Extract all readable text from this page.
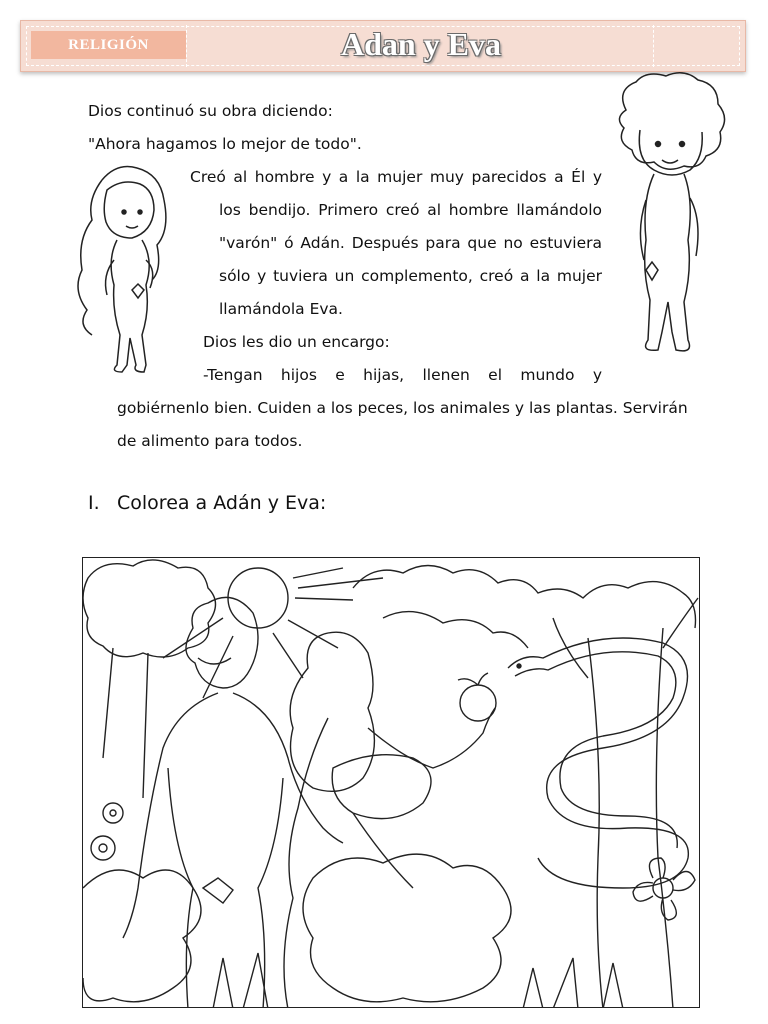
RELIGIÓN	Adan y Eva
Dios continuó su obra diciendo:
"Ahora hagamos lo mejor de todo".
Creó al hombre y a la mujer muy parecidos a Él y
los bendijo. Primero creó al hombre llamándolo
"varón" ó Adán. Después para que no estuviera
sólo y tuviera un complemento, creó a la mujer
llamándola Eva.
Dios les dio un encargo:
-Tengan hijos e hijas, llenen el mundo y
gobiérnenlo bien. Cuiden a los peces, los animales y las plantas. Servirán
de alimento para todos.
I. Colorea a Adán y Eva:
